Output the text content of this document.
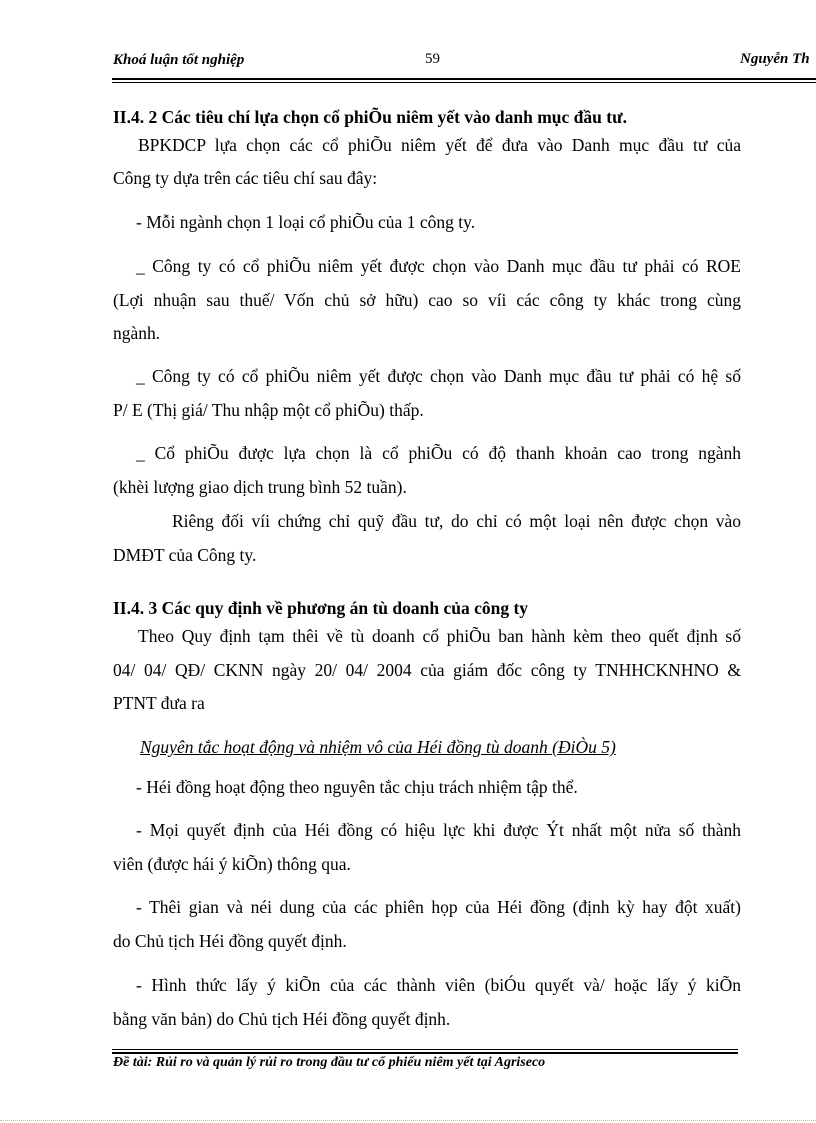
Khoá luận tốt nghiệp	59	Nguyễn Th
II.4. 2 Các tiêu chí lựa chọn cổ phiÕu niêm yết vào danh mục đầu tư.
BPKDCP lựa chọn các cổ phiÕu niêm yết để đưa vào Danh mục đầu tư của
Công ty dựa trên các tiêu chí sau đây:
- Mỗi ngành chọn 1 loại cổ phiÕu của 1 công ty.
_ Công ty có cổ phiÕu niêm yết được chọn vào Danh mục đầu tư phải có ROE
(Lợi nhuận sau thuế/ Vốn chủ sở hữu) cao so víi các công ty khác trong cùng
ngành.
_ Công ty có cổ phiÕu niêm yết được chọn vào Danh mục đầu tư phải có hệ số
P/ E (Thị giá/ Thu nhập một cổ phiÕu) thấp.
_ Cổ phiÕu được lựa chọn là cổ phiÕu có độ thanh khoản cao trong ngành
(khèi lượng giao dịch trung bình 52 tuần).
Riêng đối víi chứng chỉ quỹ đầu tư, do chỉ có một loại nên được chọn vào
DMĐT của Công ty.
II.4. 3 Các quy định về phương án tù doanh của công ty
Theo Quy định tạm thêi về tù doanh cổ phiÕu ban hành kèm theo quết định số
04/ 04/ QĐ/ CKNN ngày 20/ 04/ 2004 của giám đốc công ty TNHHCKNHNO &
PTNT đưa ra
Nguyên tắc hoạt động và nhiệm vô của Héi đồng tù doanh (ĐiÒu 5)
- Héi đồng hoạt động theo nguyên tắc chịu trách nhiệm tập thể.
- Mọi quyết định của Héi đồng có hiệu lực khi được Ýt nhất một nửa số thành
viên (được hái ý kiÕn) thông qua.
- Thêi gian và néi dung của các phiên họp của Héi đồng (định kỳ hay đột xuất)
do Chủ tịch Héi đồng quyết định.
- Hình thức lấy ý kiÕn của các thành viên (biÓu quyết và/ hoặc lấy ý kiÕn
bằng văn bản) do Chủ tịch Héi đồng quyết định.
Đề tài: Rủi ro và quản lý rủi ro trong đầu tư cổ phiếu niêm yết tại Agriseco
